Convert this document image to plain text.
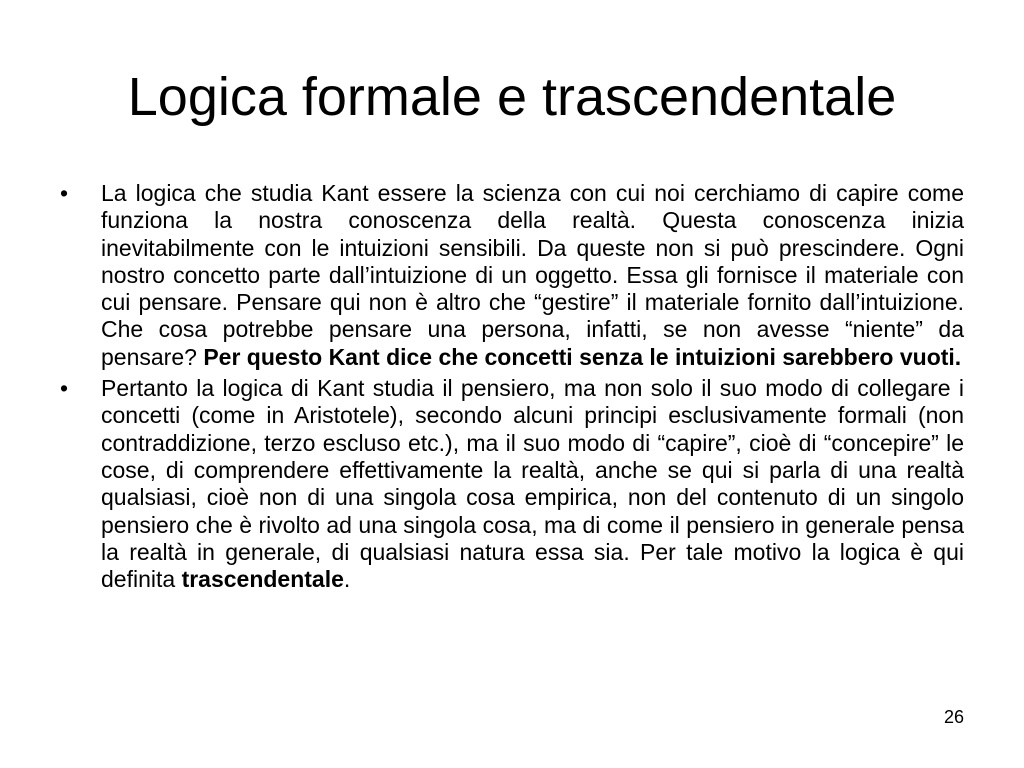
Logica formale e trascendentale
•	La logica che studia Kant essere la scienza con cui noi cerchiamo di capire come funziona la nostra conoscenza della realtà. Questa conoscenza inizia inevitabilmente con le intuizioni sensibili. Da queste non si può prescindere. Ogni nostro concetto parte dall’intuizione di un oggetto. Essa gli fornisce il materiale con cui pensare. Pensare qui non è altro che “gestire” il materiale fornito dall’intuizione. Che cosa potrebbe pensare una persona, infatti, se non avesse “niente” da pensare? Per questo Kant dice che concetti senza le intuizioni sarebbero vuoti.
•	Pertanto la logica di Kant studia il pensiero, ma non solo il suo modo di collegare i concetti (come in Aristotele), secondo alcuni principi esclusivamente formali (non contraddizione, terzo escluso etc.), ma il suo modo di “capire”, cioè di “concepire” le cose, di comprendere effettivamente la realtà, anche se qui si parla di una realtà qualsiasi, cioè non di una singola cosa empirica, non del contenuto di un singolo pensiero che è rivolto ad una singola cosa, ma di come il pensiero in generale pensa la realtà in generale, di qualsiasi natura essa sia. Per tale motivo la logica è qui definita trascendentale.
26
